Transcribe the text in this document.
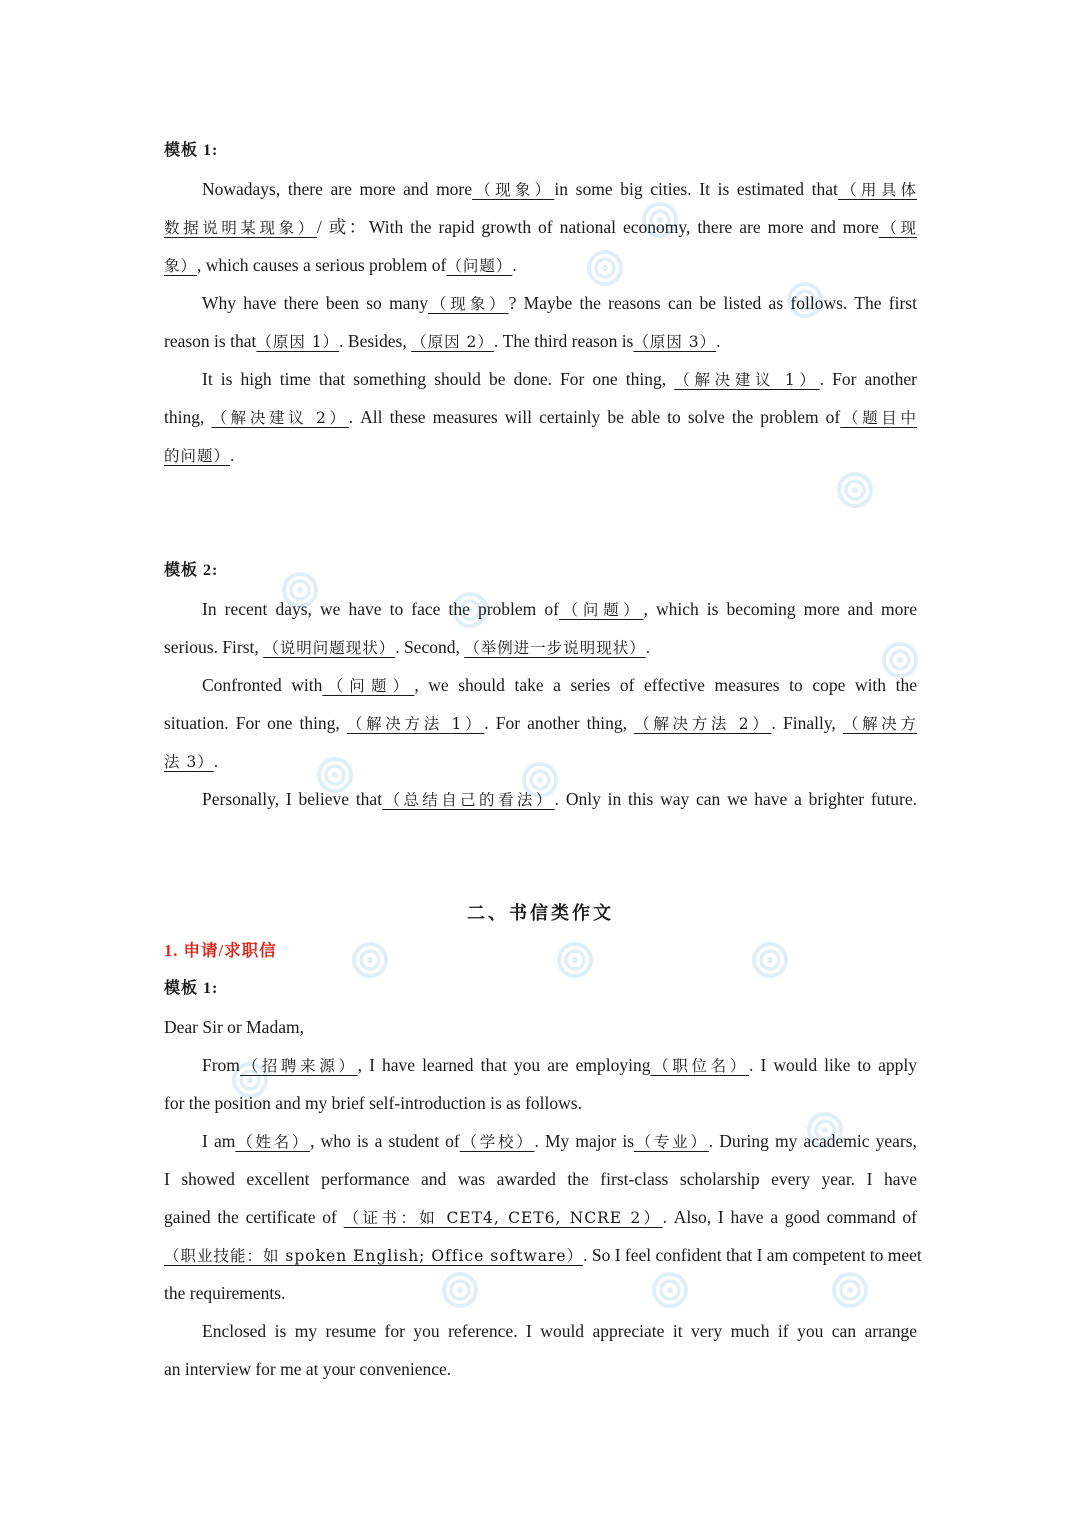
模板 1:
Nowadays, there are more and more（现象）in some big cities. It is estimated that（用具体
数据说明某现象）/ 或：With the rapid growth of national economy, there are more and more（现
象）, which causes a serious problem of（问题）.
Why have there been so many（现象）? Maybe the reasons can be listed as follows. The first
reason is that（原因 1）. Besides, （原因 2）. The third reason is（原因 3）.
It is high time that something should be done. For one thing, （解决建议 1）. For another
thing, （解决建议 2）. All these measures will certainly be able to solve the problem of（题目中
的问题）.
模板 2:
In recent days, we have to face the problem of（问题）, which is becoming more and more
serious. First, （说明问题现状）. Second, （举例进一步说明现状）.
Confronted with（问题）, we should take a series of effective measures to cope with the
situation. For one thing, （解决方法 1）. For another thing, （解决方法 2）. Finally, （解决方
法 3）.
Personally, I believe that（总结自己的看法）. Only in this way can we have a brighter future.
二、书信类作文
1. 申请/求职信
模板 1:
Dear Sir or Madam,
From（招聘来源）, I have learned that you are employing（职位名）. I would like to apply
for the position and my brief self-introduction is as follows.
I am（姓名）, who is a student of（学校）. My major is（专业）. During my academic years,
I showed excellent performance and was awarded the first-class scholarship every year. I have
gained the certificate of （证书：如 CET4, CET6, NCRE 2）. Also, I have a good command of
（职业技能：如 spoken English; Office software）. So I feel confident that I am competent to meet
the requirements.
Enclosed is my resume for you reference. I would appreciate it very much if you can arrange
an interview for me at your convenience.
